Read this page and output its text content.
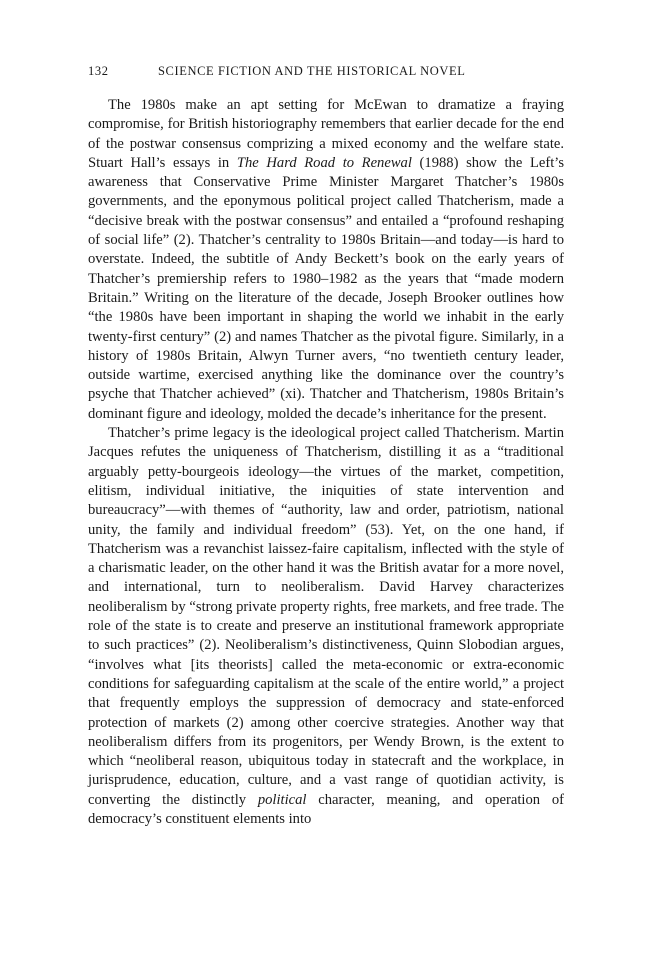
132	SCIENCE FICTION AND THE HISTORICAL NOVEL

The 1980s make an apt setting for McEwan to dramatize a fraying compromise, for British historiography remembers that earlier decade for the end of the postwar consensus comprizing a mixed economy and the welfare state. Stuart Hall’s essays in The Hard Road to Renewal (1988) show the Left’s awareness that Conservative Prime Minister Margaret Thatcher’s 1980s governments, and the eponymous political project called Thatcherism, made a “decisive break with the postwar consensus” and entailed a “profound reshaping of social life” (2). Thatcher’s centrality to 1980s Britain—and today—is hard to overstate. Indeed, the subtitle of Andy Beckett’s book on the early years of Thatcher’s premiership refers to 1980–1982 as the years that “made modern Britain.” Writing on the literature of the decade, Joseph Brooker outlines how “the 1980s have been important in shaping the world we inhabit in the early twenty-first century” (2) and names Thatcher as the pivotal figure. Similarly, in a history of 1980s Britain, Alwyn Turner avers, “no twentieth century leader, outside wartime, exercised anything like the dominance over the country’s psyche that Thatcher achieved” (xi). Thatcher and Thatcherism, 1980s Britain’s dominant figure and ideology, molded the decade’s inheritance for the present.

Thatcher’s prime legacy is the ideological project called Thatcherism. Martin Jacques refutes the uniqueness of Thatcherism, distilling it as a “traditional arguably petty-bourgeois ideology—the virtues of the market, competition, elitism, individual initiative, the iniquities of state intervention and bureaucracy”—with themes of “authority, law and order, patriotism, national unity, the family and individual freedom” (53). Yet, on the one hand, if Thatcherism was a revanchist laissez-faire capitalism, inflected with the style of a charismatic leader, on the other hand it was the British avatar for a more novel, and international, turn to neoliberalism. David Harvey characterizes neoliberalism by “strong private property rights, free markets, and free trade. The role of the state is to create and preserve an institutional framework appropriate to such practices” (2). Neoliberalism’s distinctiveness, Quinn Slobodian argues, “involves what [its theorists] called the meta-economic or extra-economic conditions for safeguarding capitalism at the scale of the entire world,” a project that frequently employs the suppression of democracy and state-enforced protection of markets (2) among other coercive strategies. Another way that neoliberalism differs from its progenitors, per Wendy Brown, is the extent to which “neoliberal reason, ubiquitous today in statecraft and the workplace, in jurisprudence, education, culture, and a vast range of quotidian activity, is converting the distinctly political character, meaning, and operation of democracy’s constituent elements into
